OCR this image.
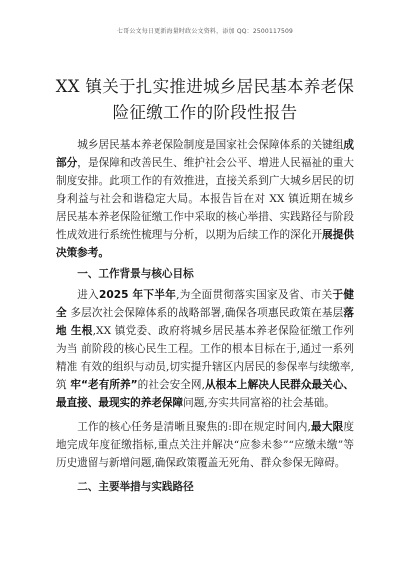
七哥公文每日更新海量时政公文资料，添加 QQ：2500117509
XX 镇关于扎实推进城乡居民基本养老保险征缴工作的阶段性报告

城乡居民基本养老保险制度是国家社会保障体系的关键组成部分，是保障和改善民生、维护社会公平、增进人民福祉的重大制度安排。此项工作的有效推进，直接关系到广大城乡居民的切身利益与社会和谐稳定大局。本报告旨在对 XX 镇近期在城乡 居民基本养老保险征缴工作中采取的核心举措、实践路径与阶段 性成效进行系统性梳理与分析，以期为后续工作的深化开展提供 决策参考。

一、工作背景与核心目标

进入2025 年下半年,为全面贯彻落实国家及省、市关于健全 多层次社会保障体系的战略部署,确保各项惠民政策在基层落地 生根,XX 镇党委、政府将城乡居民基本养老保险征缴工作列为当 前阶段的核心民生工程。工作的根本目标在于,通过一系列精准 有效的组织与动员,切实提升辖区内居民的参保率与续缴率,筑 牢“老有所养”的社会安全网,从根本上解决人民群众最关心、 最直接、最现实的养老保障问题,夯实共同富裕的社会基础。

工作的核心任务是清晰且聚焦的:即在规定时间内,最大限度地完成年度征缴指标,重点关注并解决“应参未参”“应缴未缴”等历史遗留与新增问题,确保政策覆盖无死角、群众参保无障碍。

二、主要举措与实践路径
